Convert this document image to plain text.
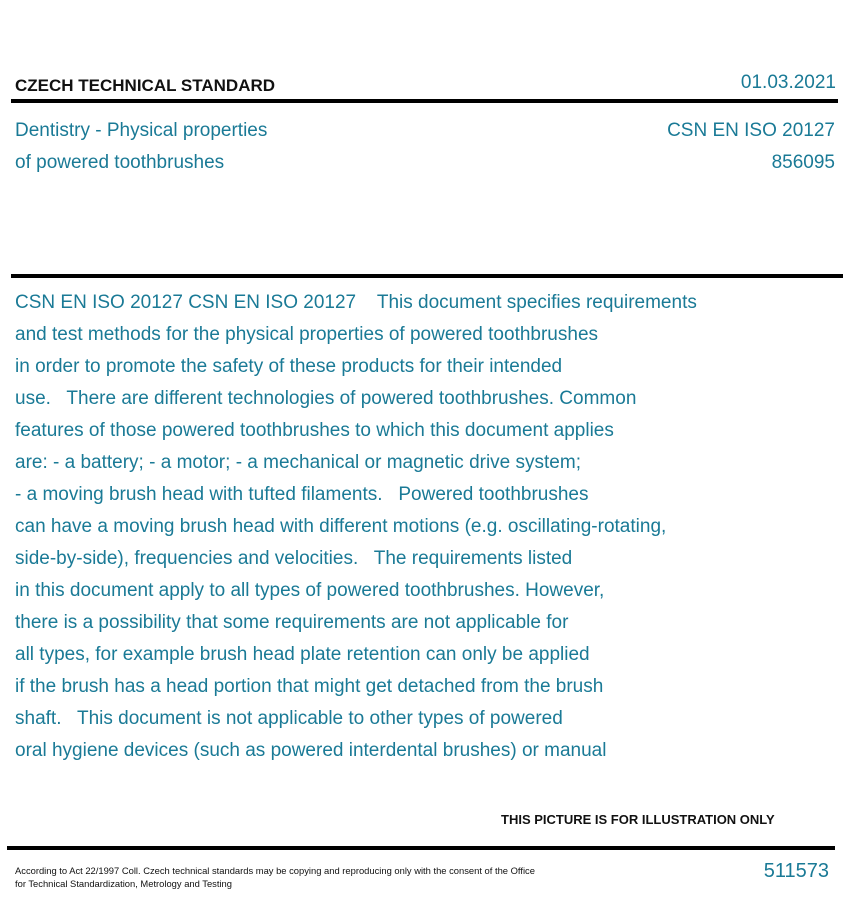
CZECH TECHNICAL STANDARD	01.03.2021
Dentistry - Physical properties
of powered toothbrushes
CSN EN ISO 20127
856095
CSN EN ISO 20127 CSN EN ISO 20127    This document specifies requirements
and test methods for the physical properties of powered toothbrushes
in order to promote the safety of these products for their intended
use.   There are different technologies of powered toothbrushes. Common
features of those powered toothbrushes to which this document applies
are: - a battery; - a motor; - a mechanical or magnetic drive system;
- a moving brush head with tufted filaments.   Powered toothbrushes
can have a moving brush head with different motions (e.g. oscillating-rotating,
side-by-side), frequencies and velocities.   The requirements listed
in this document apply to all types of powered toothbrushes. However,
there is a possibility that some requirements are not applicable for
all types, for example brush head plate retention can only be applied
if the brush has a head portion that might get detached from the brush
shaft.   This document is not applicable to other types of powered
oral hygiene devices (such as powered interdental brushes) or manual
THIS PICTURE IS FOR ILLUSTRATION ONLY
According to Act 22/1997 Coll. Czech technical standards may be copying and reproducing only with the consent of the Office
for Technical Standardization, Metrology and Testing
511573
